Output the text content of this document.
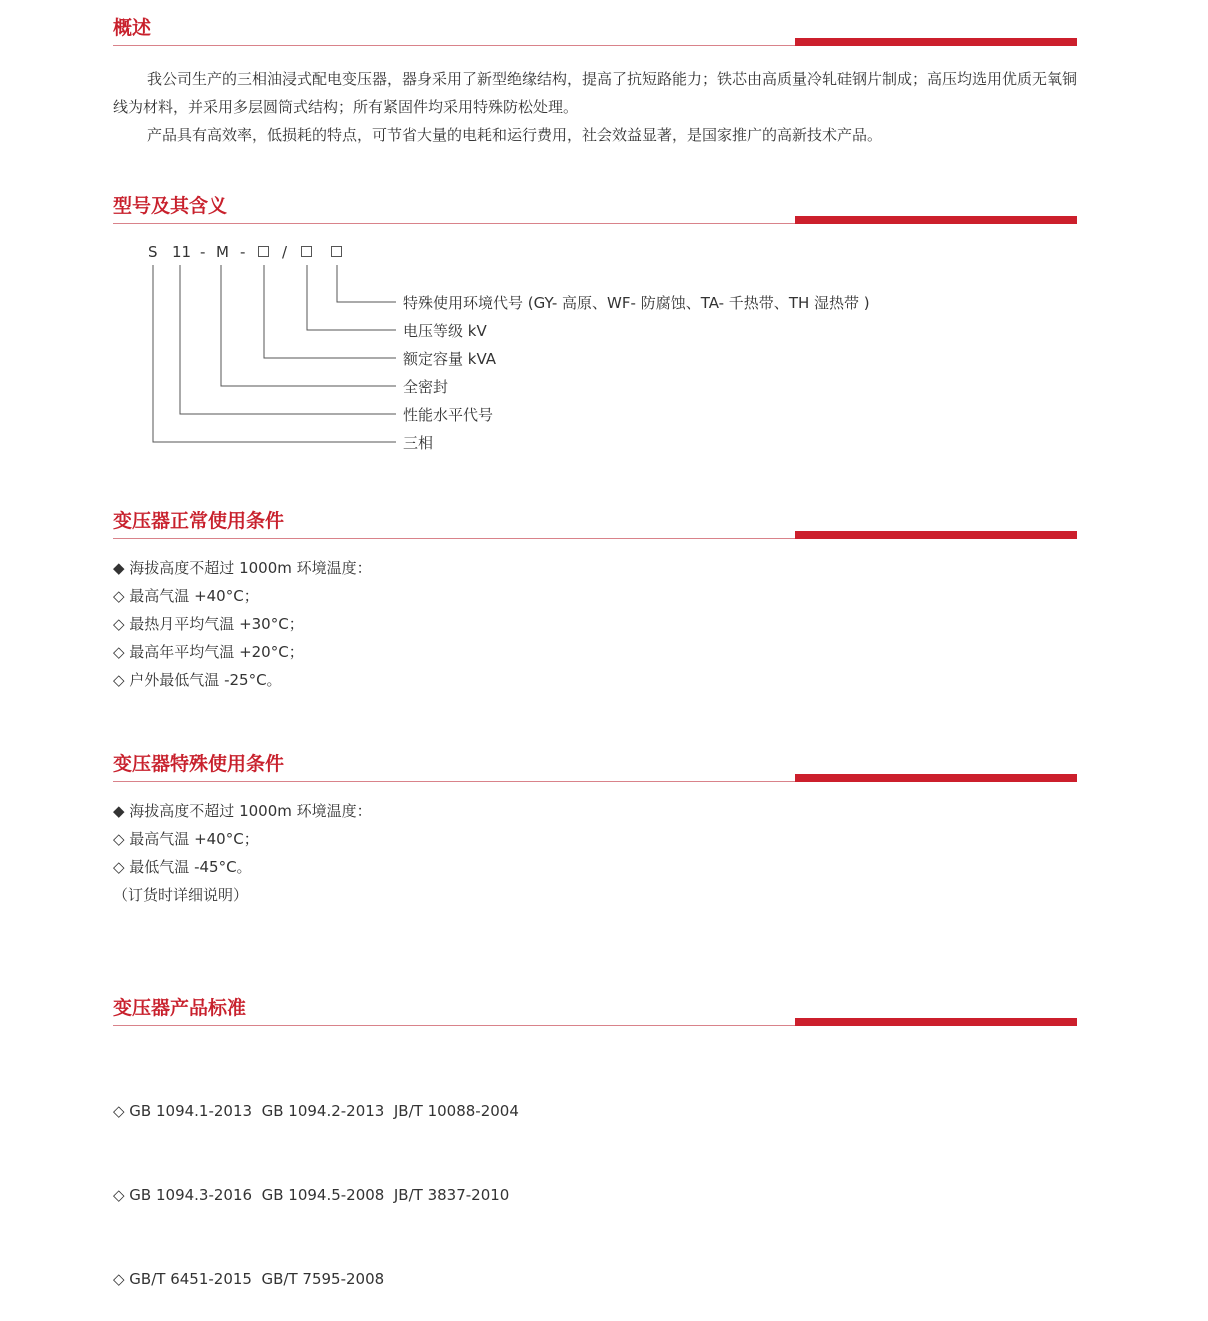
概述

我公司生产的三相油浸式配电变压器，器身采用了新型绝缘结构，提高了抗短路能力；铁芯由高质量冷轧硅钢片制成；高压均选用优质无氧铜线为材料，并采用多层圆筒式结构；所有紧固件均采用特殊防松处理。
产品具有高效率，低损耗的特点，可节省大量的电耗和运行费用，社会效益显著，是国家推广的高新技术产品。

型号及其含义
S 11 - M - /
特殊使用环境代号 (GY- 高原、WF- 防腐蚀、TA- 千热带、TH 湿热带 )
电压等级 kV
额定容量 kVA
全密封
性能水平代号
三相
变压器正常使用条件
◆ 海拔高度不超过 1000m 环境温度：
◇ 最高气温 +40°C；
◇ 最热月平均气温 +30°C；
◇ 最高年平均气温 +20°C；
◇ 户外最低气温 -25°C。
变压器特殊使用条件
◆ 海拔高度不超过 1000m 环境温度：
◇ 最高气温 +40°C；
◇ 最低气温 -45°C。
（订货时详细说明）
变压器产品标准

◇ GB 1094.1-2013  GB 1094.2-2013  JB/T 10088-2004

◇ GB 1094.3-2016  GB 1094.5-2008  JB/T 3837-2010

◇ GB/T 6451-2015  GB/T 7595-2008
